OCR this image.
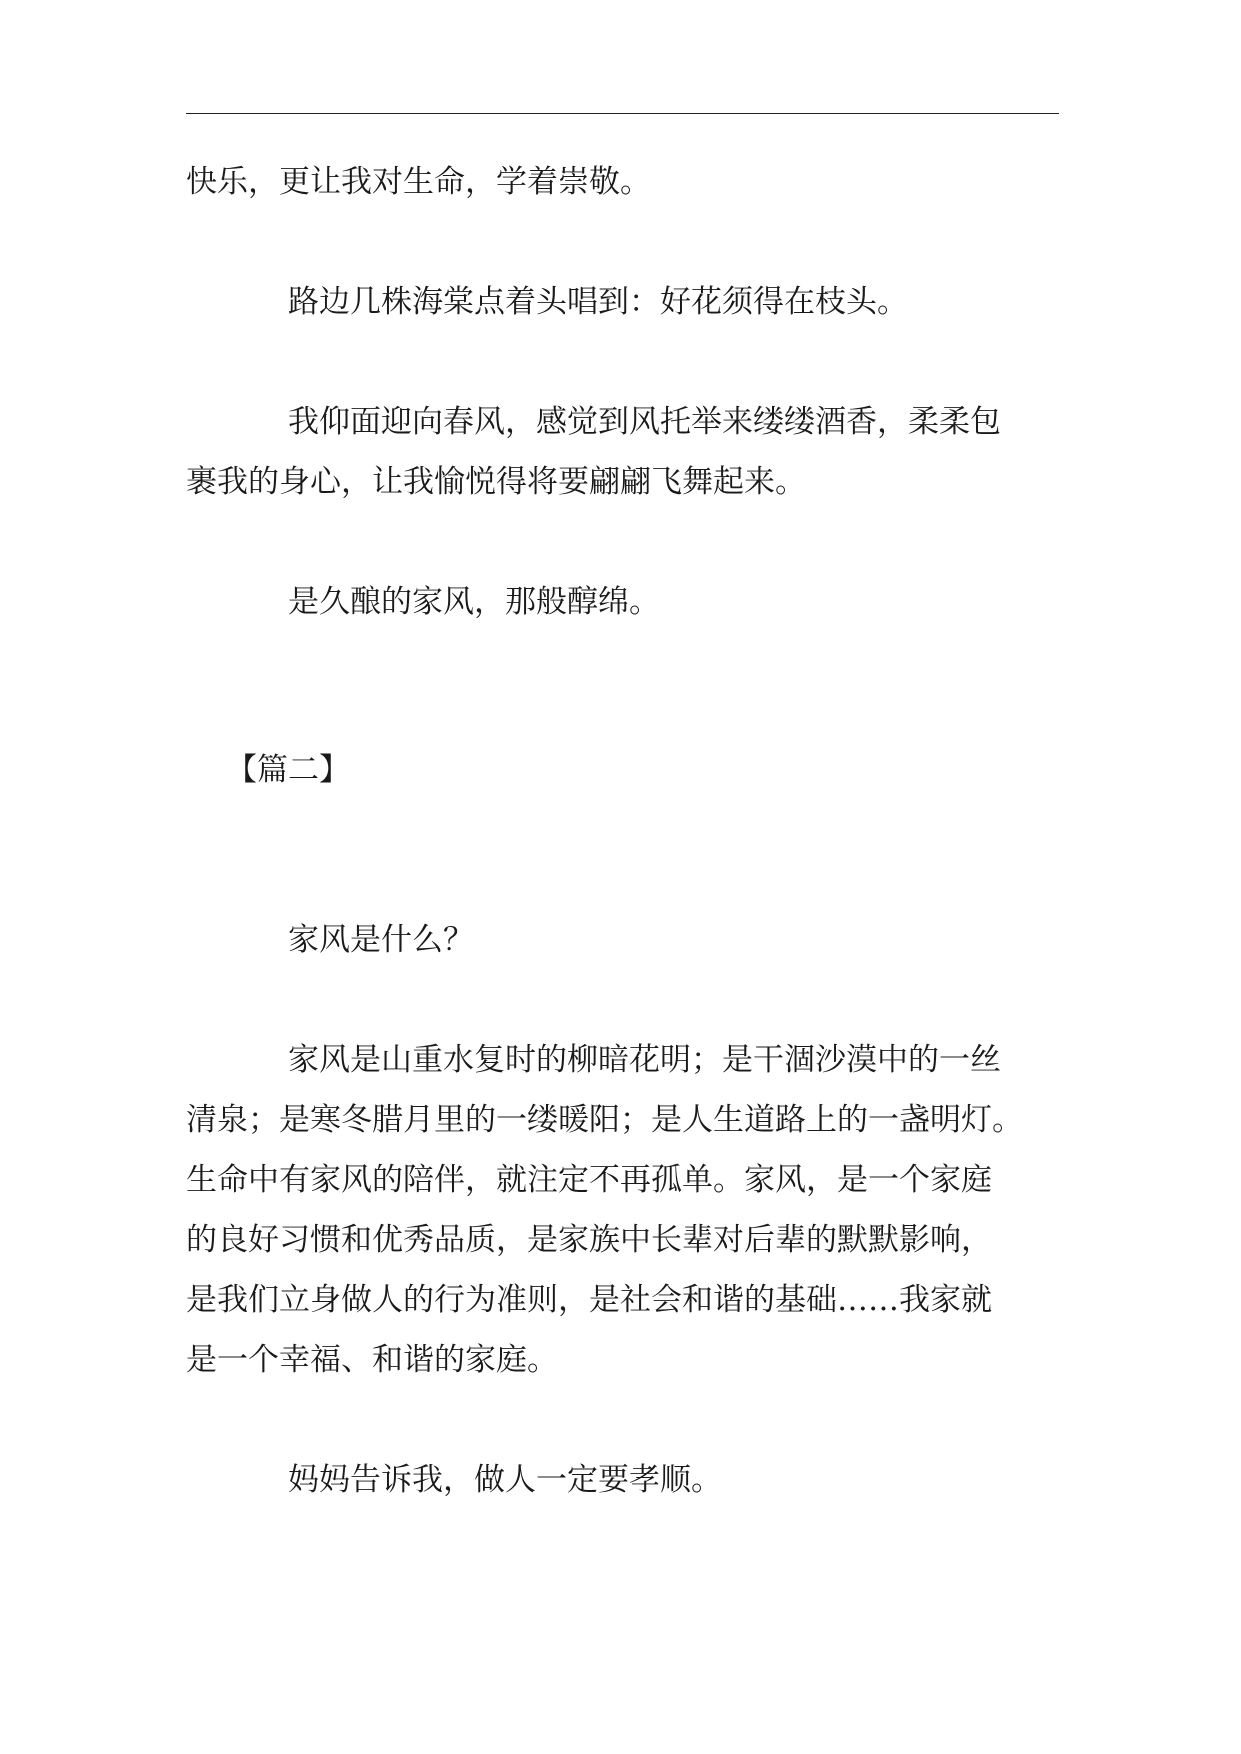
快乐，更让我对生命，学着崇敬。
路边几株海棠点着头唱到：好花须得在枝头。
我仰面迎向春风，感觉到风托举来缕缕酒香，柔柔包
裹我的身心，让我愉悦得将要翩翩飞舞起来。
是久酿的家风，那般醇绵。
【篇二】
家风是什么？
家风是山重水复时的柳暗花明；是干涸沙漠中的一丝
清泉；是寒冬腊月里的一缕暖阳；是人生道路上的一盏明灯。
生命中有家风的陪伴，就注定不再孤单。家风，是一个家庭
的良好习惯和优秀品质，是家族中长辈对后辈的默默影响，
是我们立身做人的行为准则，是社会和谐的基础……我家就
是一个幸福、和谐的家庭。
妈妈告诉我，做人一定要孝顺。
